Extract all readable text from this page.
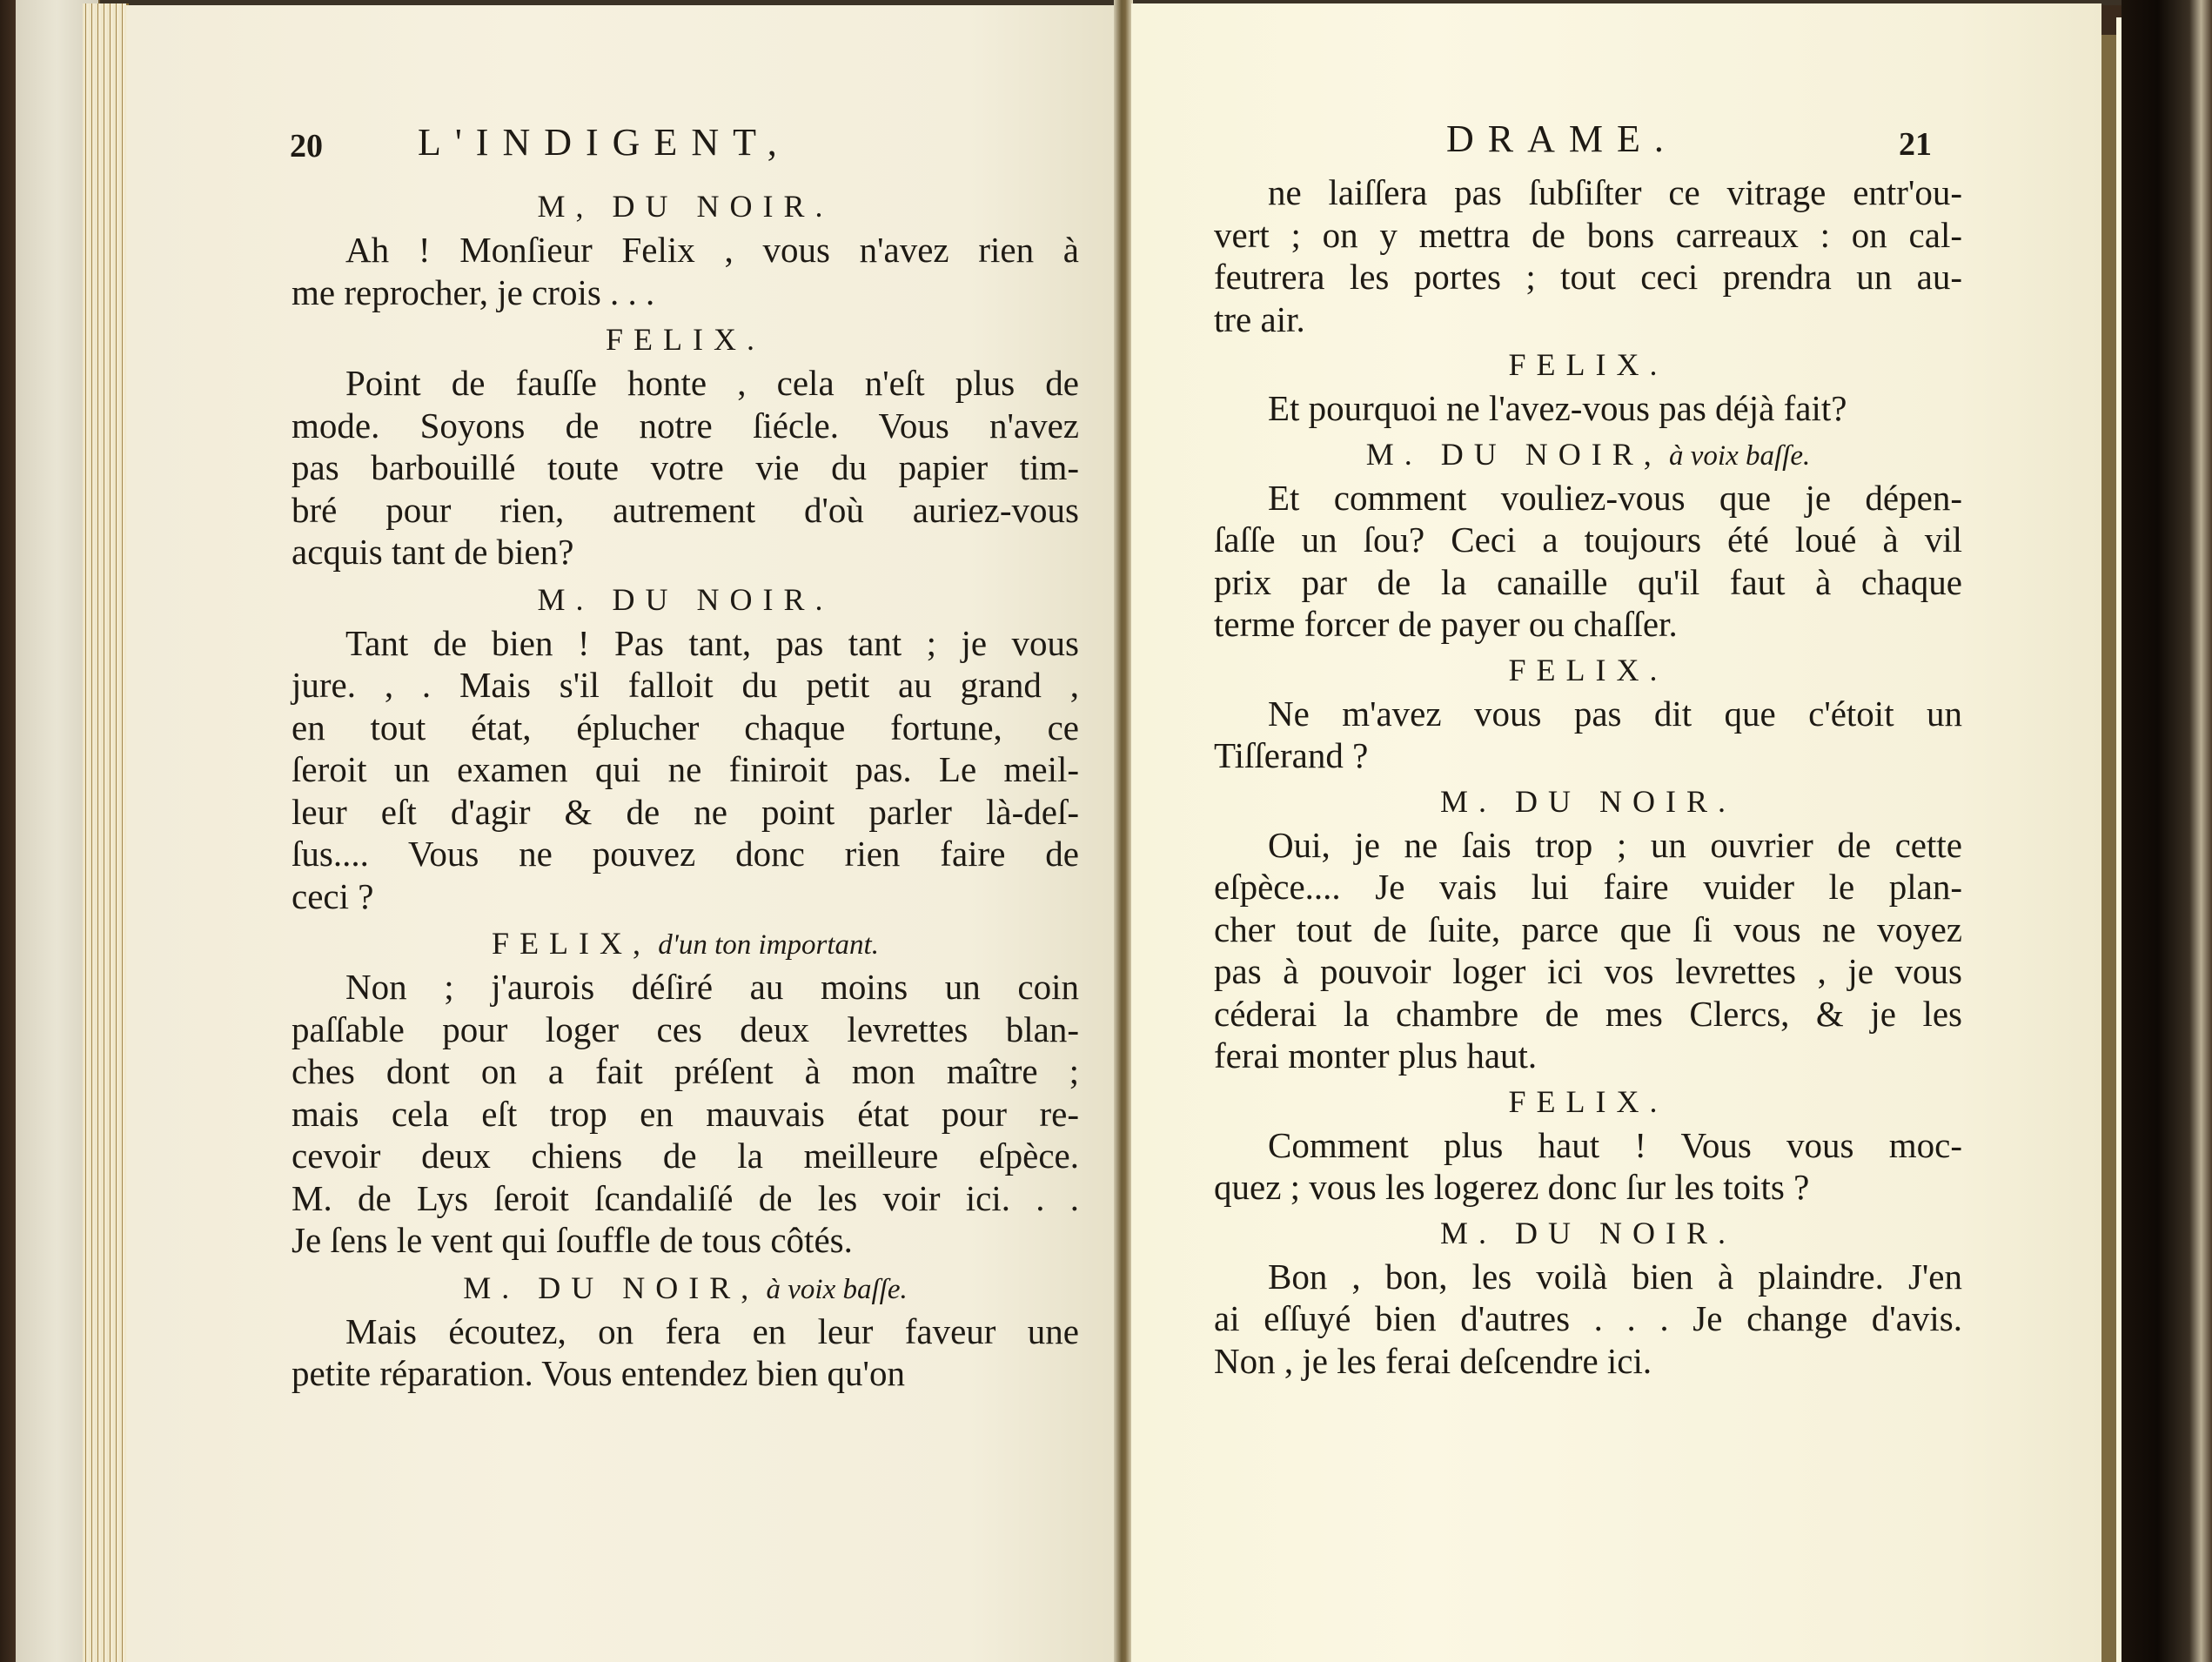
20 L'INDIGENT,
M, DU NOIR.
Ah ! Monſieur Felix , vous n'avez rien à
me reprocher, je crois . . .
FELIX.
Point de fauſſe honte , cela n'eſt plus de
mode. Soyons de notre ſiécle. Vous n'avez
pas barbouillé toute votre vie du papier tim-
bré pour rien, autrement d'où auriez-vous
acquis tant de bien?
M. DU NOIR.
Tant de bien ! Pas tant, pas tant ; je vous
jure. , . Mais s'il falloit du petit au grand ,
en tout état, éplucher chaque fortune, ce
ſeroit un examen qui ne finiroit pas. Le meil-
leur eſt d'agir & de ne point parler là-deſ-
ſus.... Vous ne pouvez donc rien faire de
ceci ?
FELIX, d'un ton important.
Non ; j'aurois déſiré au moins un coin
paſſable pour loger ces deux levrettes blan-
ches dont on a fait préſent à mon maître ;
mais cela eſt trop en mauvais état pour re-
cevoir deux chiens de la meilleure eſpèce.
M. de Lys ſeroit ſcandaliſé de les voir ici. . .
Je ſens le vent qui ſouffle de tous côtés.
M. DU NOIR, à voix baſſe.
Mais écoutez, on fera en leur faveur une
petite réparation. Vous entendez bien qu'on
DRAME.	21
ne laiſſera pas ſubſiſter ce vitrage entr'ou-
vert ; on y mettra de bons carreaux : on cal-
feutrera les portes ; tout ceci prendra un au-
tre air.
FELIX.
Et pourquoi ne l'avez-vous pas déjà fait?
M. DU NOIR, à voix baſſe.
Et comment vouliez-vous que je dépen-
ſaſſe un ſou? Ceci a toujours été loué à vil
prix par de la canaille qu'il faut à chaque
terme forcer de payer ou chaſſer.
FELIX.
Ne m'avez vous pas dit que c'étoit un
Tiſſerand ?
M. DU NOIR.
Oui, je ne ſais trop ; un ouvrier de cette
eſpèce.... Je vais lui faire vuider le plan-
cher tout de ſuite, parce que ſi vous ne voyez
pas à pouvoir loger ici vos levrettes , je vous
céderai la chambre de mes Clercs, & je les
ferai monter plus haut.
FELIX.
Comment plus haut ! Vous vous moc-
quez ; vous les logerez donc ſur les toits ?
M. DU NOIR.
Bon , bon, les voilà bien à plaindre. J'en
ai eſſuyé bien d'autres . . . Je change d'avis.
Non , je les ferai deſcendre ici.
